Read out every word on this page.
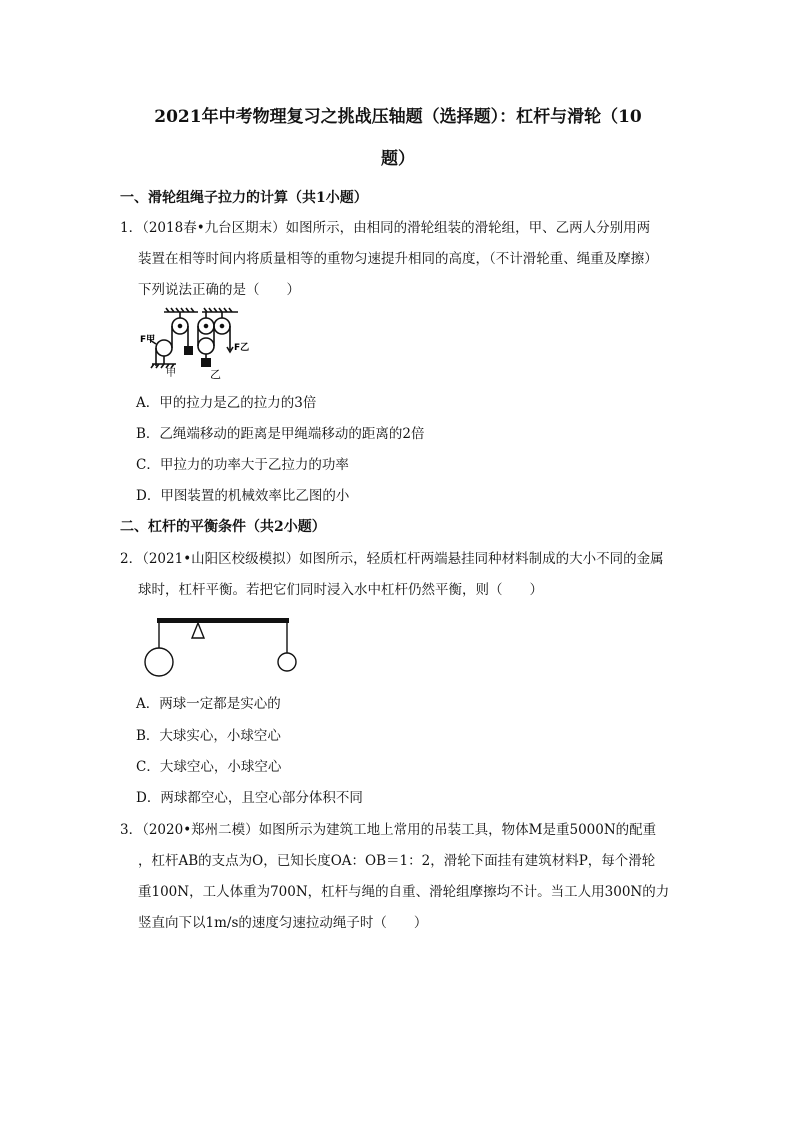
2021年中考物理复习之挑战压轴题（选择题）：杠杆与滑轮（10
题）
一、滑轮组绳子拉力的计算（共1小题）
1．（2018春•九台区期末）如图所示，由相同的滑轮组装的滑轮组，甲、乙两人分别用两
装置在相等时间内将质量相等的重物匀速提升相同的高度，（不计滑轮重、绳重及摩擦）
下列说法正确的是（　　）
F甲
F乙
甲	乙
A．甲的拉力是乙的拉力的3倍
B．乙绳端移动的距离是甲绳端移动的距离的2倍
C．甲拉力的功率大于乙拉力的功率
D．甲图装置的机械效率比乙图的小
二、杠杆的平衡条件（共2小题）
2．（2021•山阳区校级模拟）如图所示，轻质杠杆两端悬挂同种材料制成的大小不同的金属
球时，杠杆平衡。若把它们同时浸入水中杠杆仍然平衡，则（　　）
A．两球一定都是实心的
B．大球实心，小球空心
C．大球空心，小球空心
D．两球都空心，且空心部分体积不同
3．（2020•郑州二模）如图所示为建筑工地上常用的吊装工具，物体M是重5000N的配重
，杠杆AB的支点为O，已知长度OA：OB＝1：2，滑轮下面挂有建筑材料P，每个滑轮
重100N，工人体重为700N，杠杆与绳的自重、滑轮组摩擦均不计。当工人用300N的力
竖直向下以1m/s的速度匀速拉动绳子时（　　）
